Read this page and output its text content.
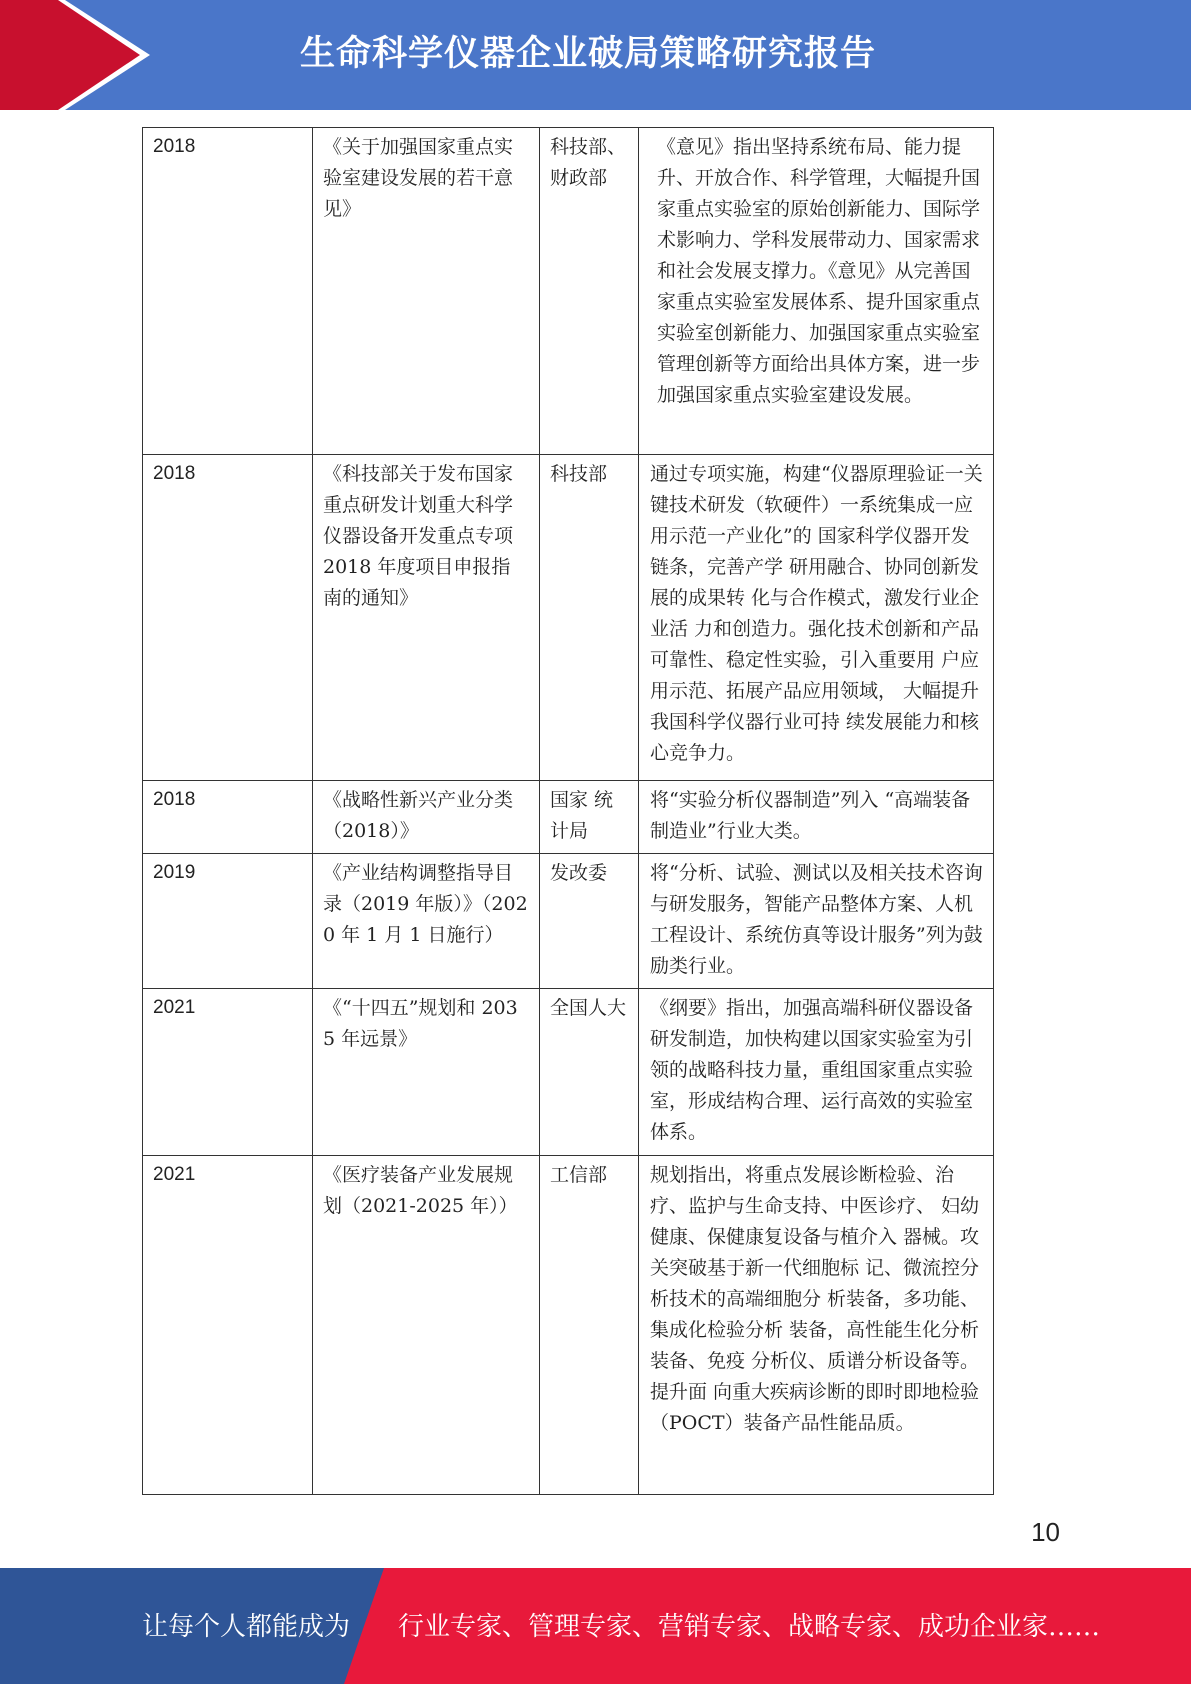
生命科学仪器企业破局策略研究报告
2018	《关于加强国家重点实验室建设发展的若干意见》	科技部、财政部	《意见》指出坚持系统布局、能力提升、开放合作、科学管理，大幅提升国家重点实验室的原始创新能力、国际学术影响力、学科发展带动力、国家需求和社会发展支撑力。《意见》从完善国家重点实验室发展体系、提升国家重点实验室创新能力、加强国家重点实验室管理创新等方面给出具体方案，进一步加强国家重点实验室建设发展。
2018	《科技部关于发布国家重点研发计划重大科学仪器设备开发重点专项 2018 年度项目申报指南的通知》	科技部	通过专项实施，构建“仪器原理验证一关键技术研发（软硬件）一系统集成一应用示范一产业化”的 国家科学仪器开发链条，完善产学 研用融合、协同创新发展的成果转 化与合作模式，激发行业企业活 力和创造力。强化技术创新和产品 可靠性、稳定性实验，引入重要用 户应用示范、拓展产品应用领域， 大幅提升我国科学仪器行业可持 续发展能力和核心竞争力。

2018	《战略性新兴产业分类（2018）》	国家 统计局	将“实验分析仪器制造”列入 “高端装备制造业”行业大类。
2019	《产业结构调整指导目录（2019 年版）》（2020 年 1 月 1 日施行）	发改委	将“分析、试验、测试以及相关技术咨询与研发服务，智能产品整体方案、人机工程设计、系统仿真等设计服务”列为鼓励类行业。
2021	《“十四五”规划和 2035 年远景》	全国人大	《纲要》指出，加强高端科研仪器设备研发制造，加快构建以国家实验室为引领的战略科技力量，重组国家重点实验室，形成结构合理、运行高效的实验室体系。
2021	《医疗装备产业发展规划（2021-2025 年））	工信部	规划指出，将重点发展诊断检验、治疗、监护与生命支持、中医诊疗、 妇幼健康、保健康复设备与植介入 器械。攻关突破基于新一代细胞标 记、微流控分析技术的高端细胞分 析装备，多功能、集成化检验分析 装备，高性能生化分析装备、免疫 分析仪、质谱分析设备等。提升面 向重大疾病诊断的即时即地检验（POCT）装备产品性能品质。
10
让每个人都能成为 行业专家、管理专家、营销专家、战略专家、成功企业家……
